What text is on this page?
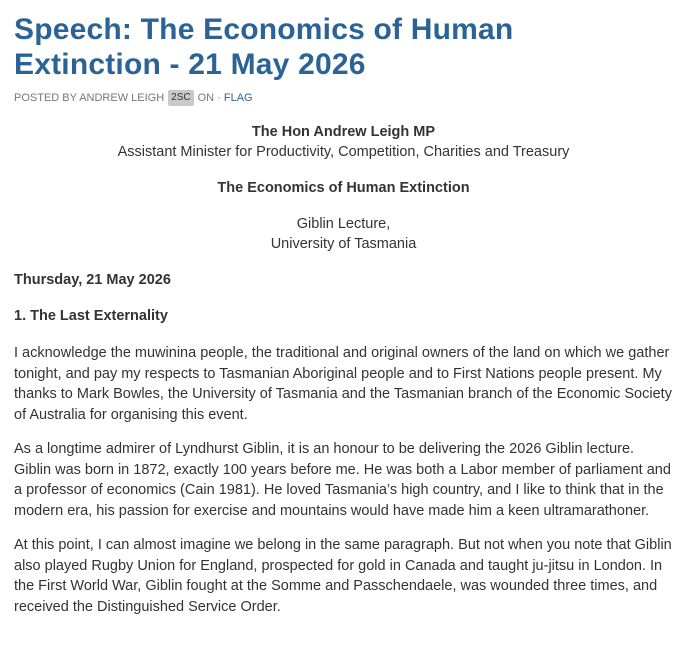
Speech: The Economics of Human
Extinction - 21 May 2026
POSTED BY ANDREW LEIGH 2SC ON · FLAG
The Hon Andrew Leigh MP
Assistant Minister for Productivity, Competition, Charities and Treasury
The Economics of Human Extinction
Giblin Lecture,
University of Tasmania
Thursday, 21 May 2026
1. The Last Externality

I acknowledge the muwinina people, the traditional and original owners of the land on which we gather tonight, and pay my respects to Tasmanian Aboriginal people and to First Nations people present. My thanks to Mark Bowles, the University of Tasmania and the Tasmanian branch of the Economic Society of Australia for organising this event.

As a longtime admirer of Lyndhurst Giblin, it is an honour to be delivering the 2026 Giblin lecture. Giblin was born in 1872, exactly 100 years before me. He was both a Labor member of parliament and a professor of economics (Cain 1981). He loved Tasmania’s high country, and I like to think that in the modern era, his passion for exercise and mountains would have made him a keen ultramarathoner.

At this point, I can almost imagine we belong in the same paragraph. But not when you note that Giblin also played Rugby Union for England, prospected for gold in Canada and taught ju-jitsu in London. In the First World War, Giblin fought at the Somme and Passchendaele, was wounded three times, and received the Distinguished Service Order.
